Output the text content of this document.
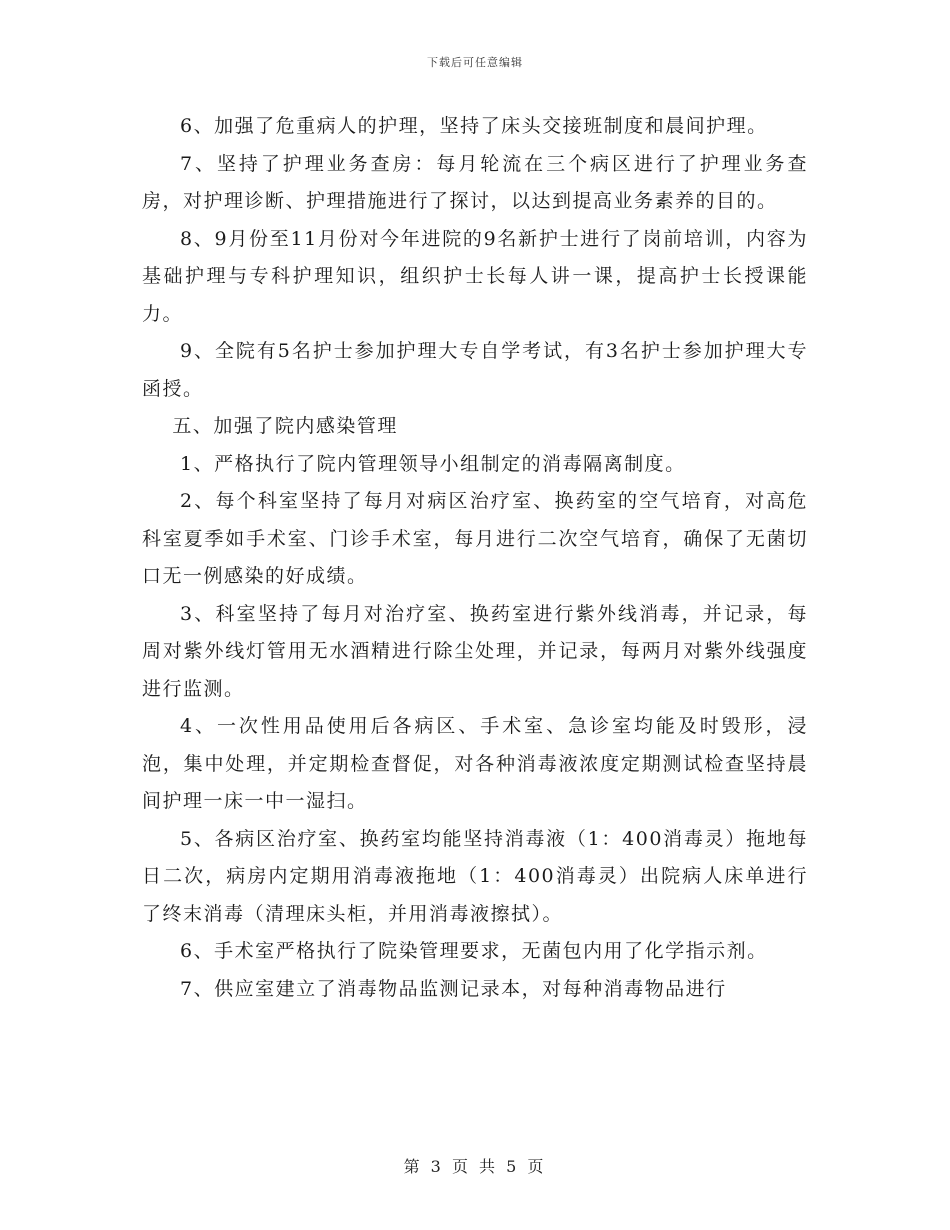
下载后可任意编辑

6、加强了危重病人的护理，坚持了床头交接班制度和晨间护理。

7、坚持了护理业务查房：每月轮流在三个病区进行了护理业务查房，对护理诊断、护理措施进行了探讨，以达到提高业务素养的目的。

8、9月份至11月份对今年进院的9名新护士进行了岗前培训，内容为基础护理与专科护理知识，组织护士长每人讲一课，提高护士长授课能力。

9、全院有5名护士参加护理大专自学考试，有3名护士参加护理大专函授。

五、加强了院内感染管理

1、严格执行了院内管理领导小组制定的消毒隔离制度。

2、每个科室坚持了每月对病区治疗室、换药室的空气培育，对高危科室夏季如手术室、门诊手术室，每月进行二次空气培育，确保了无菌切口无一例感染的好成绩。

3、科室坚持了每月对治疗室、换药室进行紫外线消毒，并记录，每周对紫外线灯管用无水酒精进行除尘处理，并记录，每两月对紫外线强度进行监测。

4、一次性用品使用后各病区、手术室、急诊室均能及时毁形，浸泡，集中处理，并定期检查督促，对各种消毒液浓度定期测试检查坚持晨间护理一床一中一湿扫。

5、各病区治疗室、换药室均能坚持消毒液（1：400消毒灵）拖地每日二次，病房内定期用消毒液拖地（1：400消毒灵）出院病人床单进行了终末消毒（清理床头柜，并用消毒液擦拭）。

6、手术室严格执行了院染管理要求，无菌包内用了化学指示剂。

7、供应室建立了消毒物品监测记录本，对每种消毒物品进行

第 3 页 共 5 页
